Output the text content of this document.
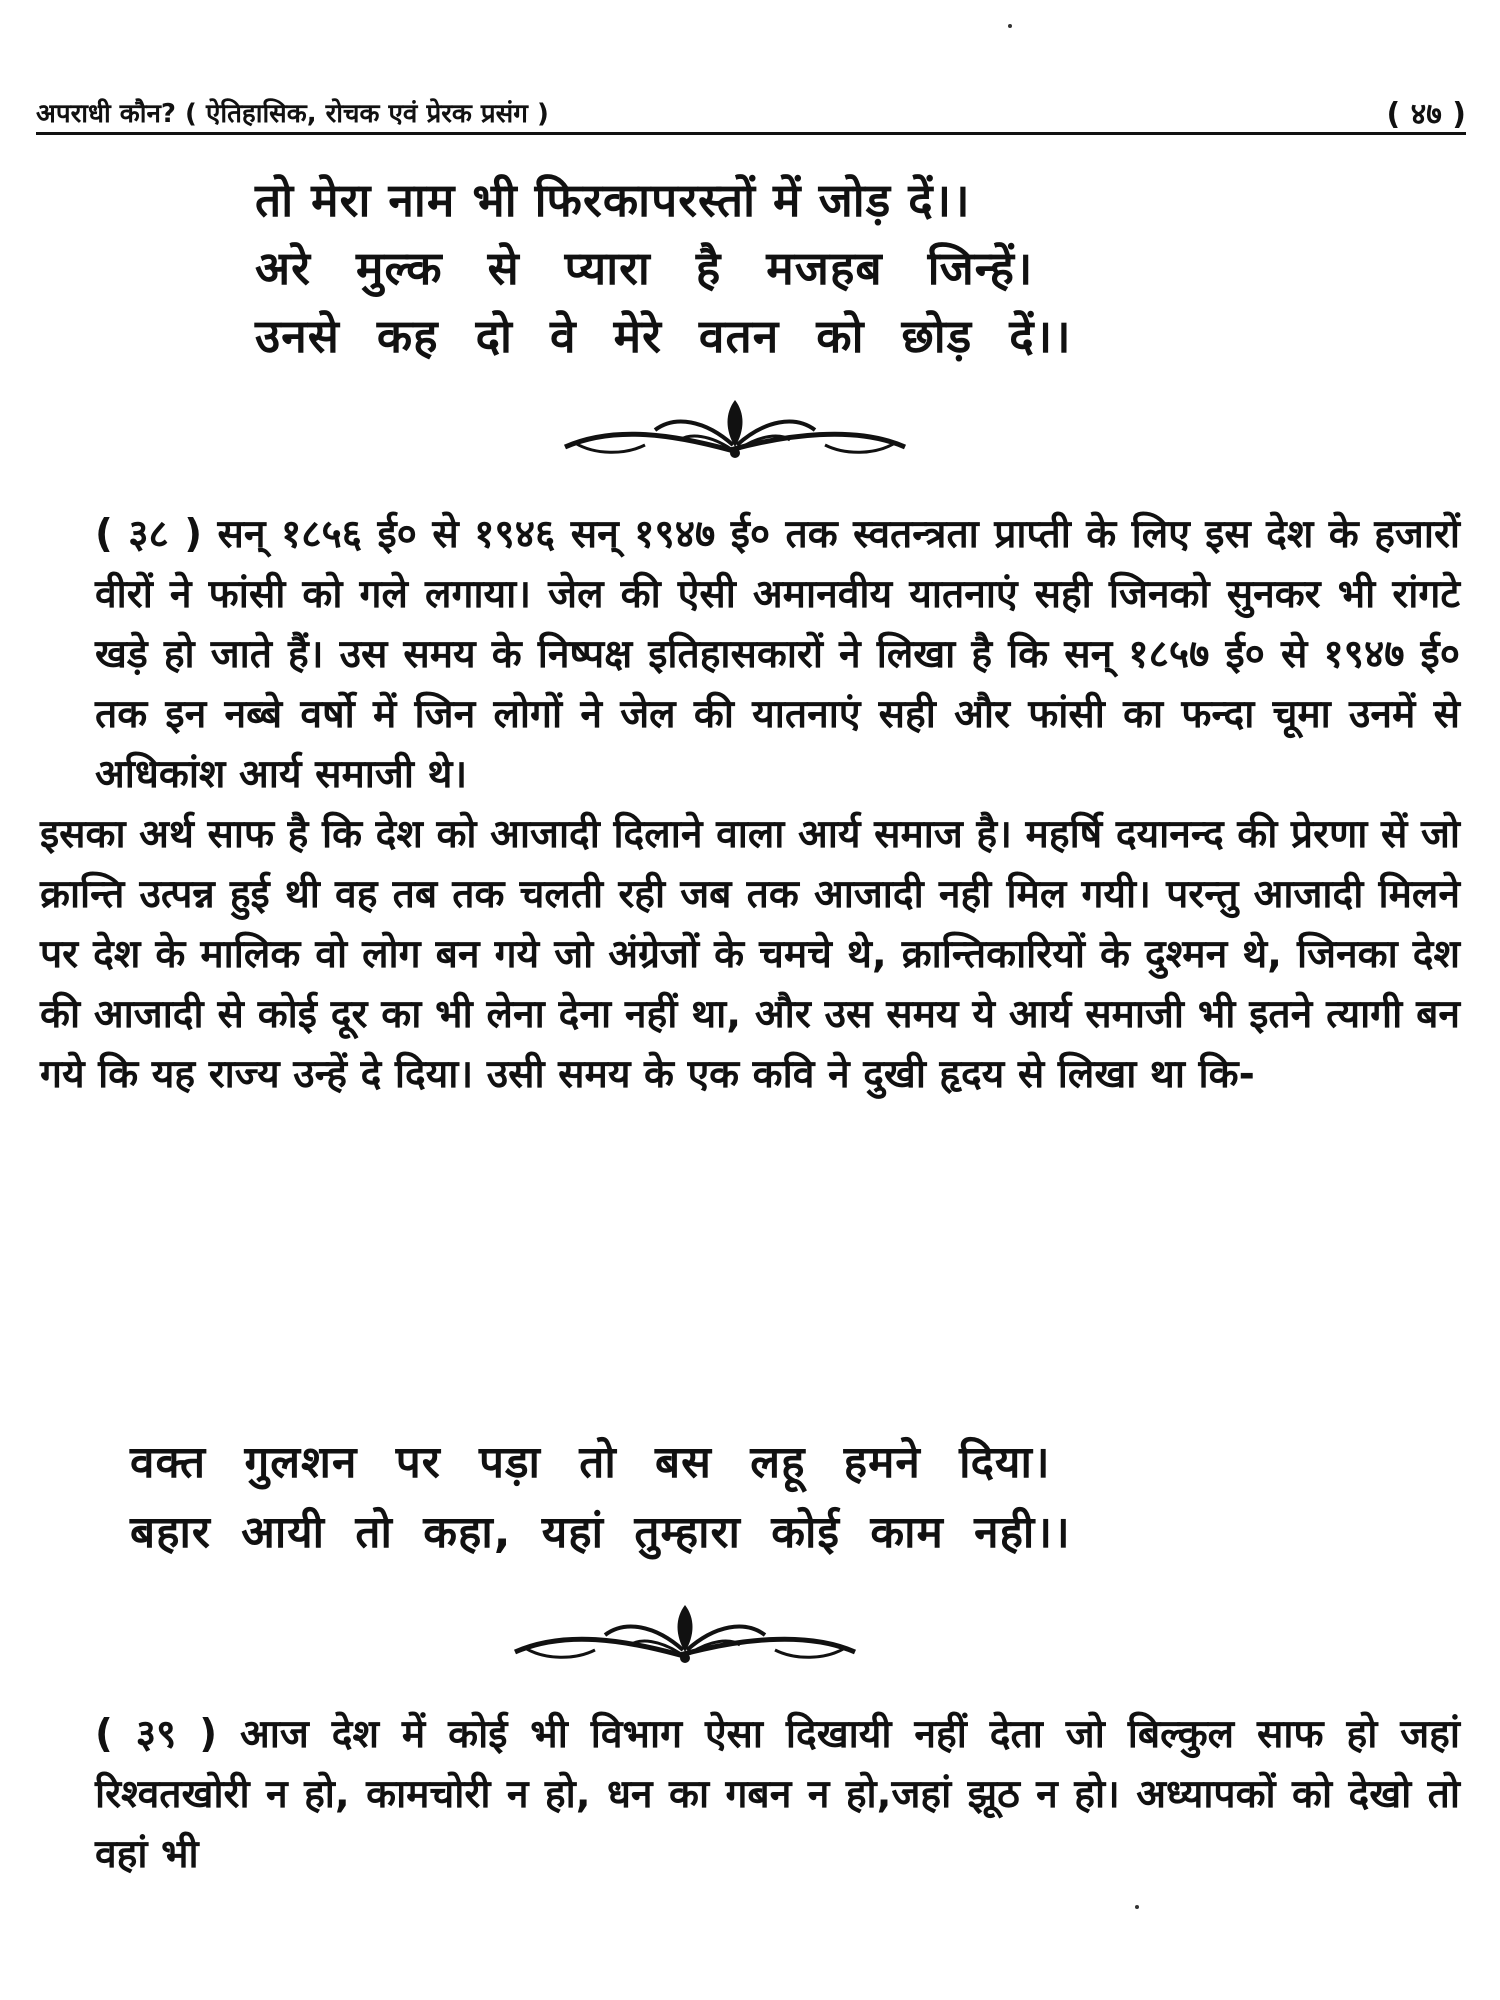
अपराधी कौन? ( ऐतिहासिक, रोचक एवं प्रेरक प्रसंग )	( ४७ )
तो मेरा नाम भी फिरकापरस्तों में जोड़ दें।।
अरे मुल्क से प्यारा है मजहब जिन्हें।
उनसे कह दो वे मेरे वतन को छोड़ दें।।

( ३८ ) सन् १८५६ ई० से १९४६ सन् १९४७ ई० तक स्वतन्त्रता प्राप्ती के लिए इस देश के हजारों वीरों ने फांसी को गले लगाया। जेल की ऐसी अमानवीय यातनाएं सही जिनको सुनकर भी रांगटे खड़े हो जाते हैं। उस समय के निष्पक्ष इतिहासकारों ने लिखा है कि सन् १८५७ ई० से १९४७ ई० तक इन नब्बे वर्षो में जिन लोगों ने जेल की यातनाएं सही और फांसी का फन्दा चूमा उनमें से अधिकांश आर्य समाजी थे।

इसका अर्थ साफ है कि देश को आजादी दिलाने वाला आर्य समाज है। महर्षि दयानन्द की प्रेरणा सें जो क्रान्ति उत्पन्न हुई थी वह तब तक चलती रही जब तक आजादी नही मिल गयी। परन्तु आजादी मिलने पर देश के मालिक वो लोग बन गये जो अंग्रेजों के चमचे थे, क्रान्तिकारियों के दुश्मन थे, जिनका देश की आजादी से कोई दूर का भी लेना देना नहीं था, और उस समय ये आर्य समाजी भी इतने त्यागी बन गये कि यह राज्य उन्हें दे दिया। उसी समय के एक कवि ने दुखी हृदय से लिखा था कि-

वक्त गुलशन पर पड़ा तो बस लहू हमने दिया।
बहार आयी तो कहा, यहां तुम्हारा कोई काम नही।।

( ३९ ) आज देश में कोई भी विभाग ऐसा दिखायी नहीं देता जो बिल्कुल साफ हो जहां रिश्वतखोरी न हो, कामचोरी न हो, धन का गबन न हो,जहां झूठ न हो। अध्यापकों को देखो तो वहां भी
